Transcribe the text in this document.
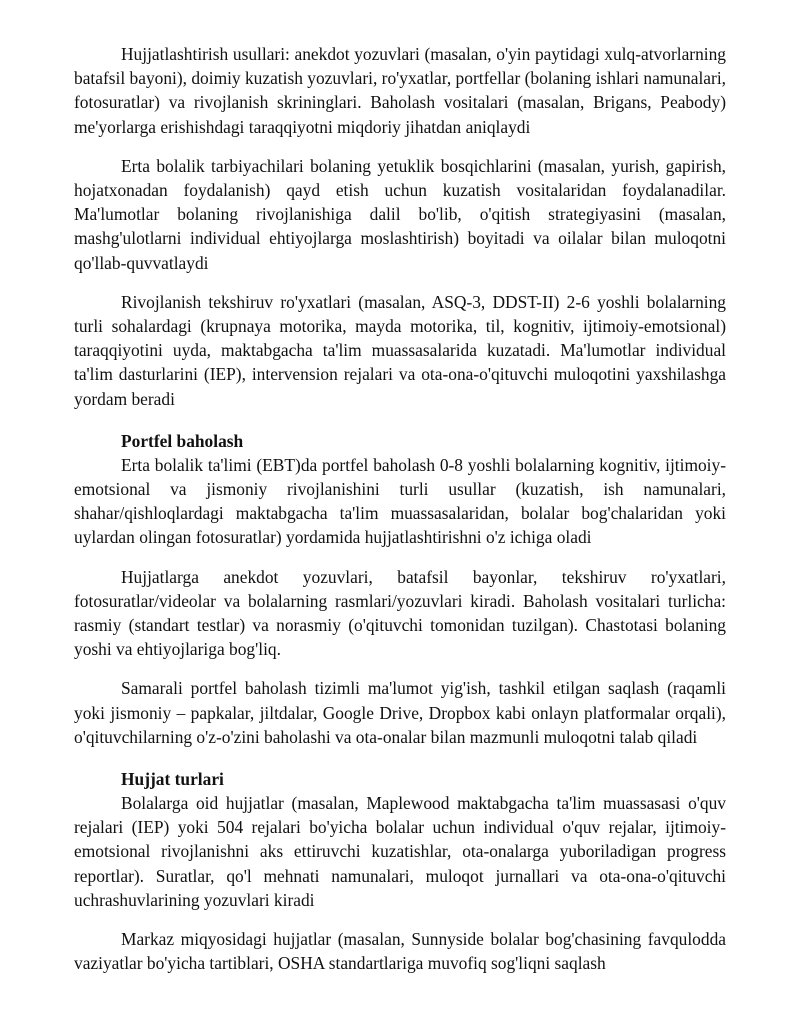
Hujjatlashtirish usullari: anekdot yozuvlari (masalan, o'yin paytidagi xulq-atvorlarning batafsil bayoni), doimiy kuzatish yozuvlari, ro'yxatlar, portfellar (bolaning ishlari namunalari, fotosuratlar) va rivojlanish skrininglari. Baholash vositalari (masalan, Brigans, Peabody) me'yorlarga erishishdagi taraqqiyotni miqdoriy jihatdan aniqlaydi

Erta bolalik tarbiyachilari bolaning yetuklik bosqichlarini (masalan, yurish, gapirish, hojatxonadan foydalanish) qayd etish uchun kuzatish vositalaridan foydalanadilar. Ma'lumotlar bolaning rivojlanishiga dalil bo'lib, o'qitish strategiyasini (masalan, mashg'ulotlarni individual ehtiyojlarga moslashtirish) boyitadi va oilalar bilan muloqotni qo'llab-quvvatlaydi

Rivojlanish tekshiruv ro'yxatlari (masalan, ASQ-3, DDST-II) 2-6 yoshli bolalarning turli sohalardagi (krupnaya motorika, mayda motorika, til, kognitiv, ijtimoiy-emotsional) taraqqiyotini uyda, maktabgacha ta'lim muassasalarida kuzatadi. Ma'lumotlar individual ta'lim dasturlarini (IEP), intervension rejalari va ota-ona-o'qituvchi muloqotini yaxshilashga yordam beradi

Portfel baholash

Erta bolalik ta'limi (EBT)da portfel baholash 0-8 yoshli bolalarning kognitiv, ijtimoiy-emotsional va jismoniy rivojlanishini turli usullar (kuzatish, ish namunalari, shahar/qishloqlardagi maktabgacha ta'lim muassasalaridan, bolalar bog'chalaridan yoki uylardan olingan fotosuratlar) yordamida hujjatlashtirishni o'z ichiga oladi

Hujjatlarga anekdot yozuvlari, batafsil bayonlar, tekshiruv ro'yxatlari, fotosuratlar/videolar va bolalarning rasmlari/yozuvlari kiradi. Baholash vositalari turlicha: rasmiy (standart testlar) va norasmiy (o'qituvchi tomonidan tuzilgan). Chastotasi bolaning yoshi va ehtiyojlariga bog'liq.

Samarali portfel baholash tizimli ma'lumot yig'ish, tashkil etilgan saqlash (raqamli yoki jismoniy – papkalar, jiltdalar, Google Drive, Dropbox kabi onlayn platformalar orqali), o'qituvchilarning o'z-o'zini baholashi va ota-onalar bilan mazmunli muloqotni talab qiladi

Hujjat turlari

Bolalarga oid hujjatlar (masalan, Maplewood maktabgacha ta'lim muassasasi o'quv rejalari (IEP) yoki 504 rejalari bo'yicha bolalar uchun individual o'quv rejalar, ijtimoiy-emotsional rivojlanishni aks ettiruvchi kuzatishlar, ota-onalarga yuboriladigan progress reportlar). Suratlar, qo'l mehnati namunalari, muloqot jurnallari va ota-ona-o'qituvchi uchrashuvlarining yozuvlari kiradi

Markaz miqyosidagi hujjatlar (masalan, Sunnyside bolalar bog'chasining favqulodda vaziyatlar bo'yicha tartiblari, OSHA standartlariga muvofiq sog'liqni saqlash
